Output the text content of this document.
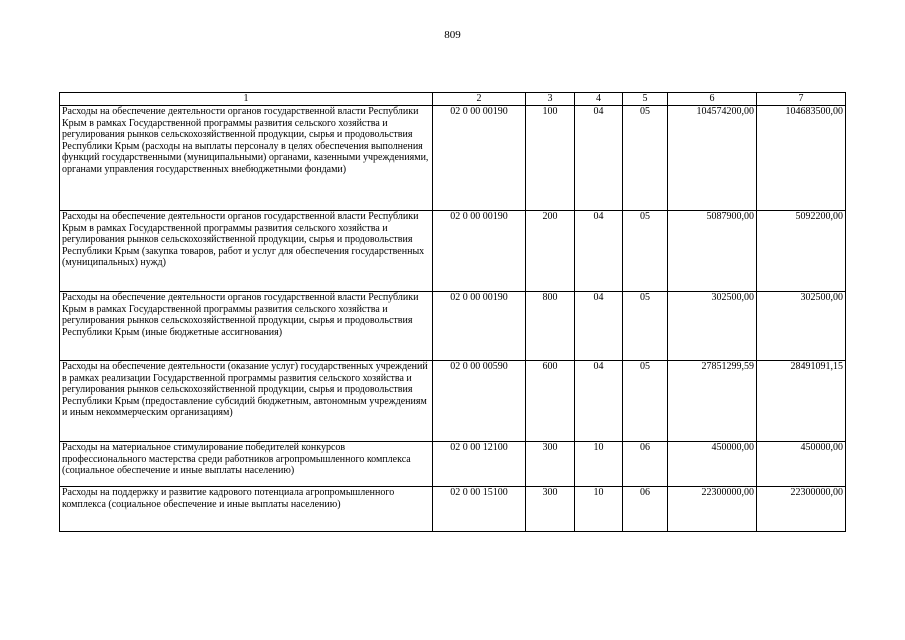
809
1	2	3	4	5	6	7
Расходы на обеспечение деятельности органов государственной власти Республики Крым в рамках Государственной программы развития сельского хозяйства и регулирования рынков сельскохозяйственной продукции, сырья и продовольствия Республики Крым (расходы на выплаты персоналу в целях обеспечения выполнения функций государственными (муниципальными) органами, казенными учреждениями, органами управления государственных внебюджетными фондами)	02 0 00 00190	100	04	05	104574200,00	104683500,00
Расходы на обеспечение деятельности органов государственной власти Республики Крым в рамках Государственной программы развития сельского хозяйства и регулирования рынков сельскохозяйственной продукции, сырья и продовольствия Республики Крым (закупка товаров, работ и услуг для обеспечения государственных (муниципальных) нужд)	02 0 00 00190	200	04	05	5087900,00	5092200,00
Расходы на обеспечение деятельности органов государственной власти Республики Крым в рамках Государственной программы развития сельского хозяйства и регулирования рынков сельскохозяйственной продукции, сырья и продовольствия Республики Крым (иные бюджетные ассигнования)	02 0 00 00190	800	04	05	302500,00	302500,00
Расходы на обеспечение деятельности (оказание услуг) государственных учреждений в рамках реализации Государственной программы развития сельского хозяйства и регулирования рынков сельскохозяйственной продукции, сырья и продовольствия Республики Крым (предоставление субсидий бюджетным, автономным учреждениям и иным некоммерческим организациям)	02 0 00 00590	600	04	05	27851299,59	28491091,15
Расходы на материальное стимулирование победителей конкурсов профессионального мастерства среди работников агропромышленного комплекса (социальное обеспечение и иные выплаты населению)	02 0 00 12100	300	10	06	450000,00	450000,00
Расходы на поддержку и развитие кадрового потенциала агропромышленного комплекса (социальное обеспечение и иные выплаты населению)	02 0 00 15100	300	10	06	22300000,00	22300000,00
